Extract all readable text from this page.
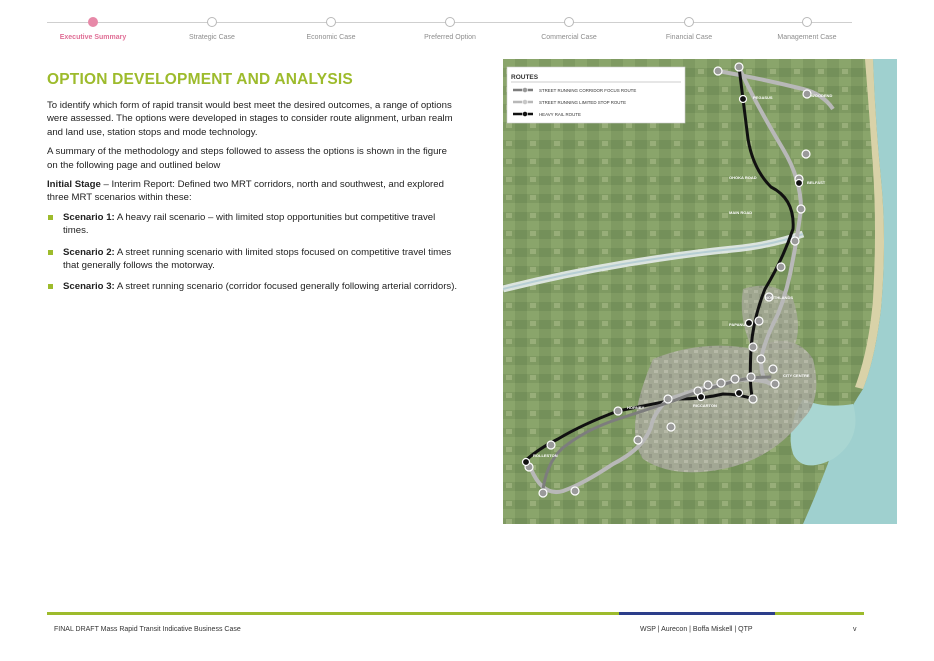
Executive Summary	Strategic Case	Economic Case	Preferred Option	Commercial Case	Financial Case	Management Case
OPTION DEVELOPMENT AND ANALYSIS

To identify which form of rapid transit would best meet the desired outcomes, a range of options were assessed. The options were developed in stages to consider route alignment, urban realm and land use, station stops and mode technology.

A summary of the methodology and steps followed to assess the options is shown in the figure on the following page and outlined below

Initial Stage – Interim Report: Defined two MRT corridors, north and southwest, and explored three MRT scenarios within these:

Scenario 1: A heavy rail scenario – with limited stop opportunities but competitive travel times.
Scenario 2: A street running scenario with limited stops focused on competitive travel times that generally follows the motorway.
Scenario 3: A street running scenario (corridor focused generally following arterial corridors).
WOODEND
OHOKA ROAD
PEGASUS
MAIN ROAD
BELFAST
NORTHLANDS
PAPANUI
CITY CENTRE
HORNBY	RICCARTON
ROLLESTON
ROUTES
STREET RUNNING CORRIDOR FOCUS ROUTE
STREET RUNNING LIMITED STOP ROUTE
HEAVY RAIL ROUTE
FINAL DRAFT Mass Rapid Transit Indicative Business Case	WSP | Aurecon | Boffa Miskell | QTP	v
